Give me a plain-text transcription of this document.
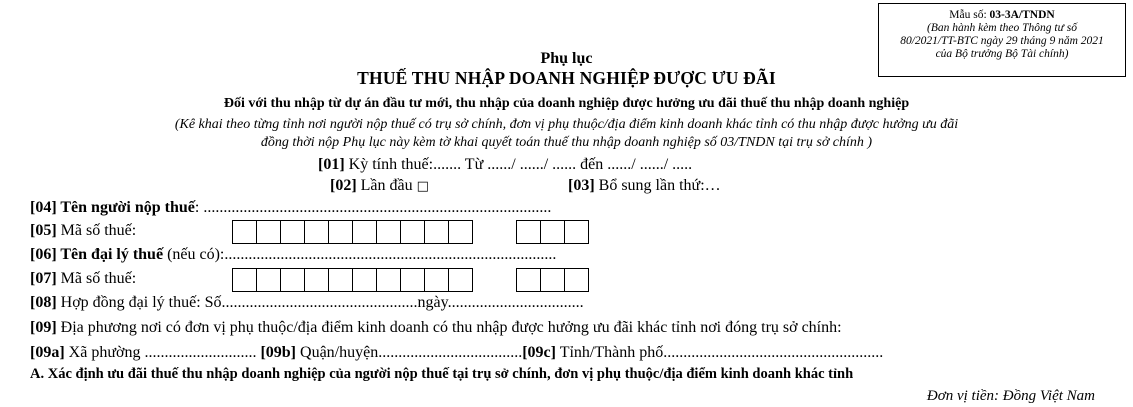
Mẫu số: 03-3A/TNDN
(Ban hành kèm theo Thông tư số
80/2021/TT-BTC ngày 29 tháng 9 năm 2021
của Bộ trưởng Bộ Tài chính)
Phụ lục
THUẾ THU NHẬP DOANH NGHIỆP ĐƯỢC ƯU ĐÃI
Đối với thu nhập từ dự án đầu tư mới, thu nhập của doanh nghiệp được hưởng ưu đãi thuế thu nhập doanh nghiệp
(Kê khai theo từng tỉnh nơi người nộp thuế có trụ sở chính, đơn vị phụ thuộc/địa điểm kinh doanh khác tỉnh có thu nhập được hưởng ưu đãi
đồng thời nộp Phụ lục này kèm tờ khai quyết toán thuế thu nhập doanh nghiệp số 03/TNDN tại trụ sở chính )
[01] Kỳ tính thuế:....... Từ ....../ ....../ ...... đến ....../ ....../ .....
[02] Lần đầu □	[03] Bổ sung lần thứ:…
[04] Tên người nộp thuế: .......................................................................................
[05] Mã số thuế:
[06] Tên đại lý thuế (nếu có):...................................................................................
[07] Mã số thuế:
[08] Hợp đồng đại lý thuế: Số.................................................ngày..................................
[09] Địa phương nơi có đơn vị phụ thuộc/địa điểm kinh doanh có thu nhập được hưởng ưu đãi khác tỉnh nơi đóng trụ sở chính:
[09a] Xã phường ............................ [09b] Quận/huyện....................................[09c] Tỉnh/Thành phố.......................................................
A. Xác định ưu đãi thuế thu nhập doanh nghiệp của người nộp thuế tại trụ sở chính, đơn vị phụ thuộc/địa điểm kinh doanh khác tỉnh
Đơn vị tiền: Đồng Việt Nam
